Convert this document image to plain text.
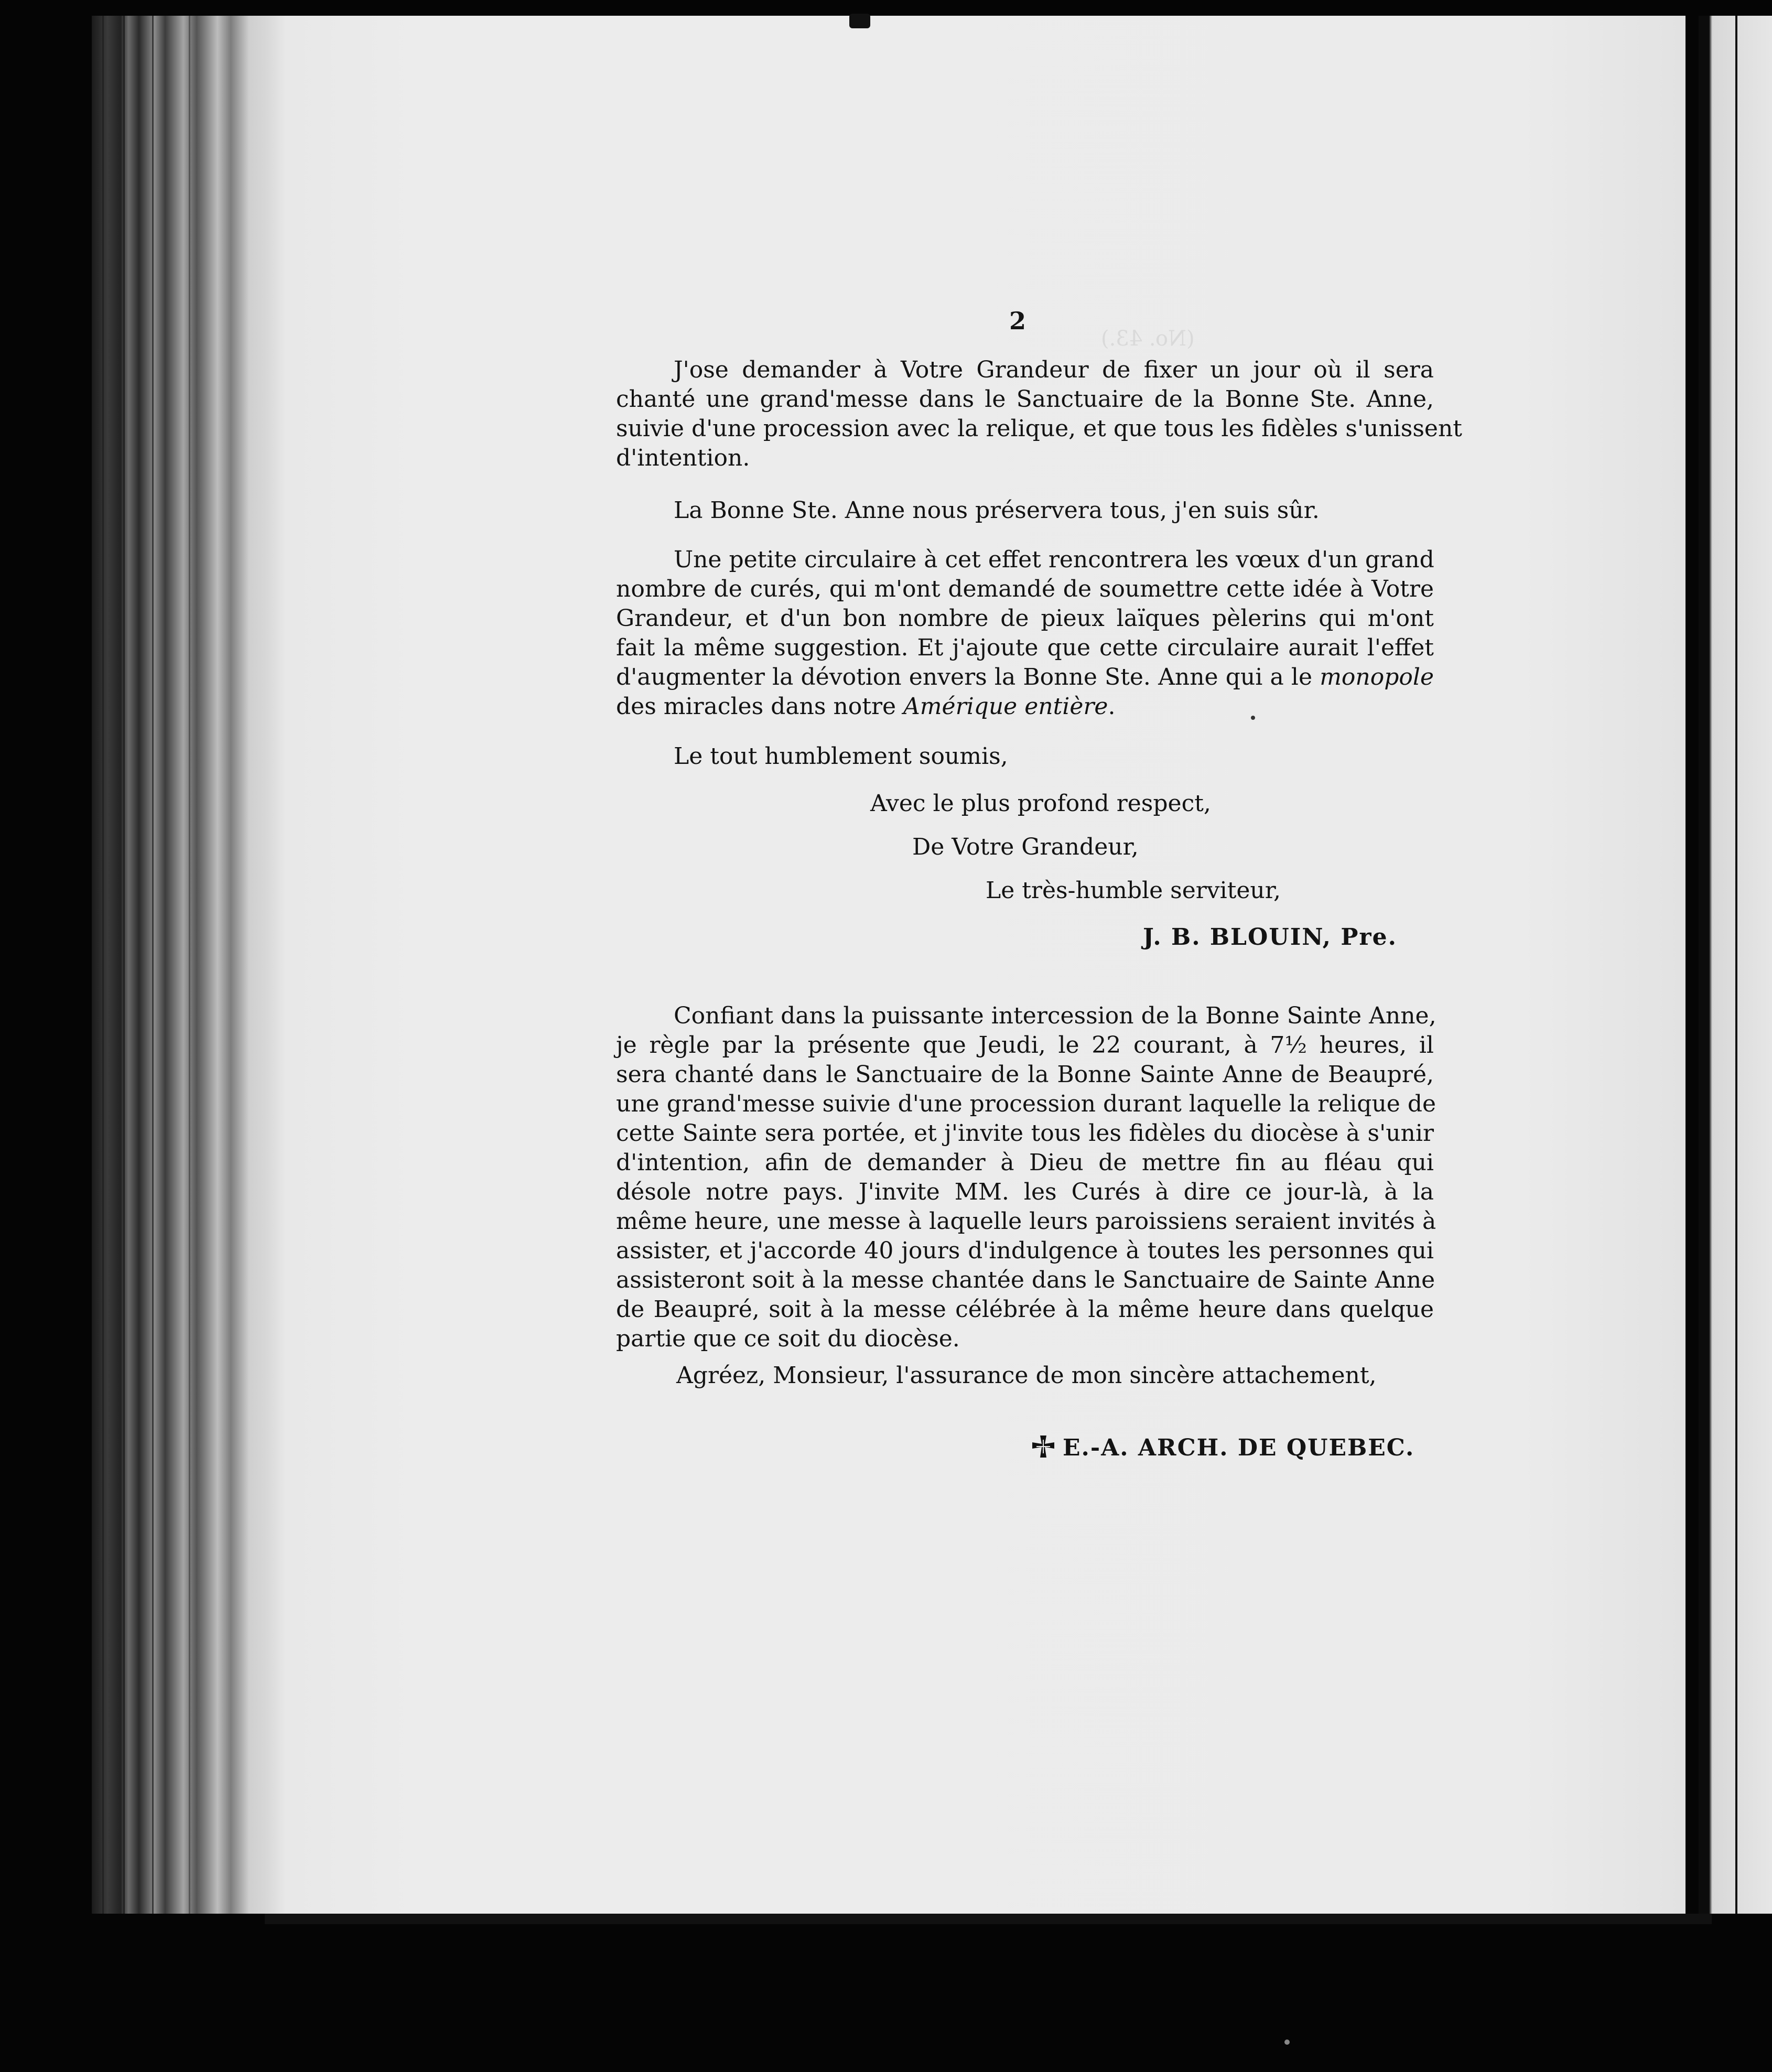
(No. 43.)

2
J'ose demander à Votre Grandeur de fixer un jour où il sera
chanté une grand'messe dans le Sanctuaire de la Bonne Ste. Anne,
suivie d'une procession avec la relique, et que tous les fidèles s'unissent
d'intention.
La Bonne Ste. Anne nous préservera tous, j'en suis sûr.
Une petite circulaire à cet effet rencontrera les vœux d'un grand
nombre de curés, qui m'ont demandé de soumettre cette idée à Votre
Grandeur, et d'un bon nombre de pieux laïques pèlerins qui m'ont
fait la même suggestion. Et j'ajoute que cette circulaire aurait l'effet
d'augmenter la dévotion envers la Bonne Ste. Anne qui a le monopole
des miracles dans notre Amérique entière.
Le tout humblement soumis,
Avec le plus profond respect,
De Votre Grandeur,
Le très-humble serviteur,
J. B. BLOUIN, Pre.
Confiant dans la puissante intercession de la Bonne Sainte Anne,
je règle par la présente que Jeudi, le 22 courant, à 7½ heures, il
sera chanté dans le Sanctuaire de la Bonne Sainte Anne de Beaupré,
une grand'messe suivie d'une procession durant laquelle la relique de
cette Sainte sera portée, et j'invite tous les fidèles du diocèse à s'unir
d'intention, afin de demander à Dieu de mettre fin au fléau qui
désole notre pays. J'invite MM. les Curés à dire ce jour-là, à la
même heure, une messe à laquelle leurs paroissiens seraient invités à
assister, et j'accorde 40 jours d'indulgence à toutes les personnes qui
assisteront soit à la messe chantée dans le Sanctuaire de Sainte Anne
de Beaupré, soit à la messe célébrée à la même heure dans quelque
partie que ce soit du diocèse.
Agréez, Monsieur, l'assurance de mon sincère attachement,
E.-A. ARCH. DE QUEBEC.
